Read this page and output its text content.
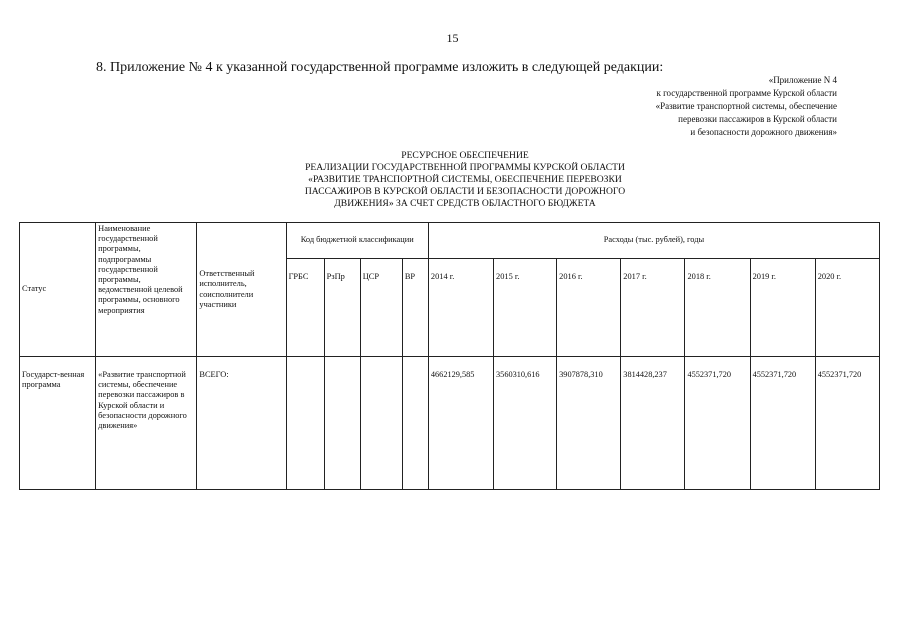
15
8. Приложение № 4 к указанной государственной программе изложить в следующей редакции:
«Приложение N 4
к государственной программе Курской области
«Развитие транспортной системы, обеспечение
перевозки пассажиров в Курской области
и безопасности дорожного движения»
РЕСУРСНОЕ ОБЕСПЕЧЕНИЕ
РЕАЛИЗАЦИИ ГОСУДАРСТВЕННОЙ ПРОГРАММЫ КУРСКОЙ ОБЛАСТИ
«РАЗВИТИЕ ТРАНСПОРТНОЙ СИСТЕМЫ, ОБЕСПЕЧЕНИЕ ПЕРЕВОЗКИ
ПАССАЖИРОВ В КУРСКОЙ ОБЛАСТИ И БЕЗОПАСНОСТИ ДОРОЖНОГО
ДВИЖЕНИЯ» ЗА СЧЕТ СРЕДСТВ ОБЛАСТНОГО БЮДЖЕТА
Статус	Наименование государственной программы, подпрограммы государственной программы, ведомственной целевой программы, основного мероприятия	Ответственный исполнитель, соисполнители участники	Код бюджетной классификации				Расходы (тыс. рублей), годы						
			ГРБС	РзПр	ЦСР	ВР	2014 г.	2015 г.	2016 г.	2017 г.	2018 г.	2019 г.	2020 г.
Государст-венная программа	«Развитие транспортной системы, обеспечение перевозки пассажиров в Курской области и безопасности дорожного движения»	ВСЕГО:					4662129,585	3560310,616	3907878,310	3814428,237	4552371,720	4552371,720	4552371,720
